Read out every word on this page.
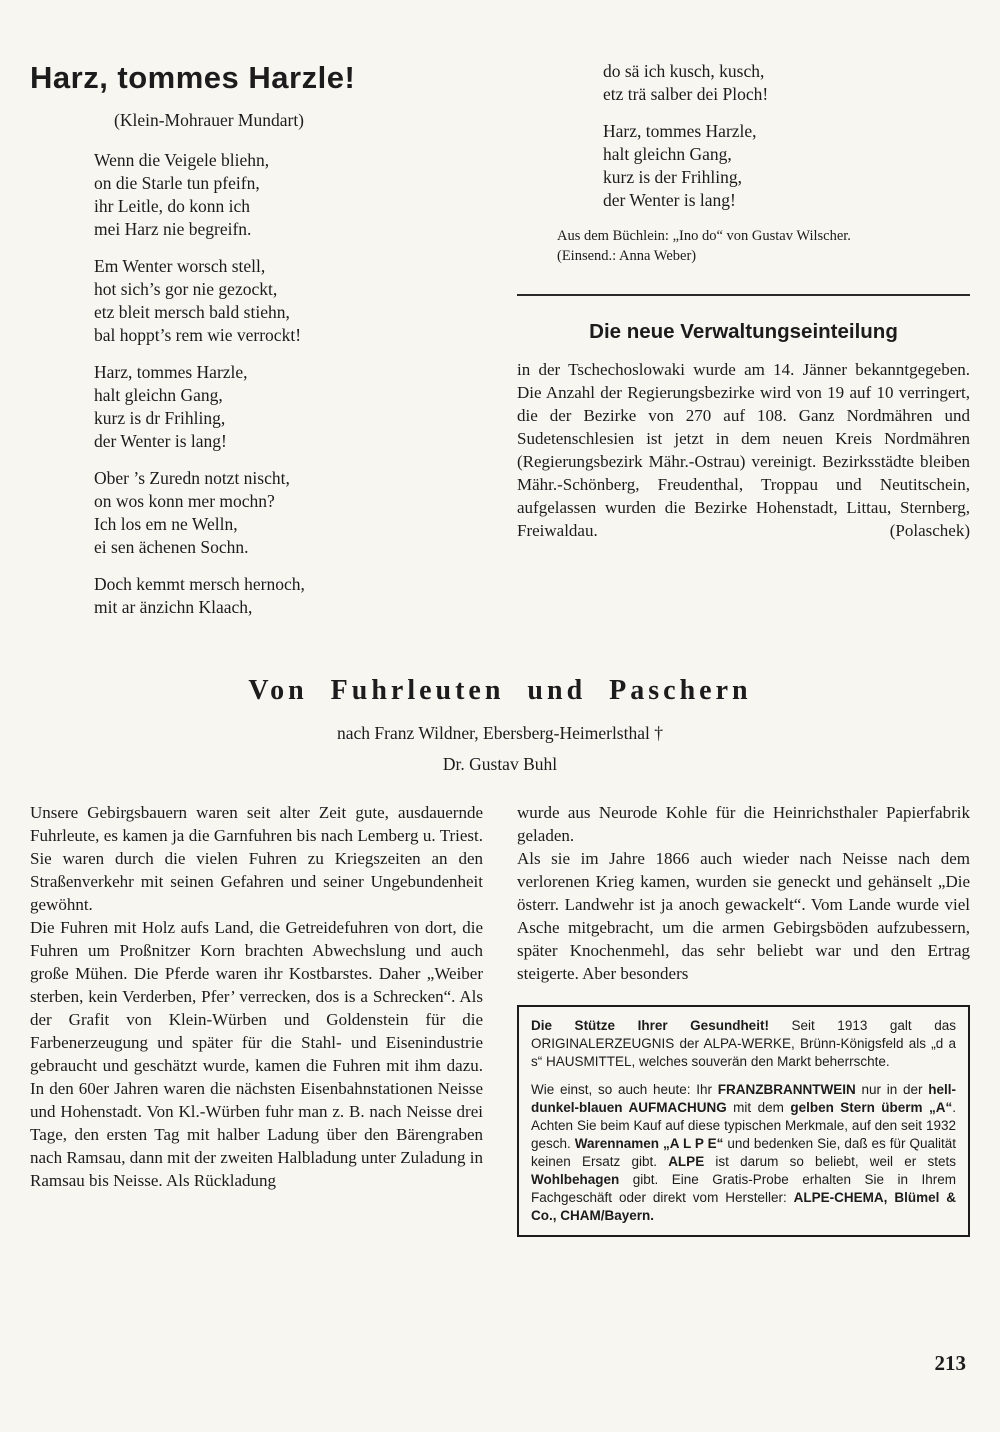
Harz, tommes Harzle!
(Klein-Mohrauer Mundart)
Wenn die Veigele bliehn,
on die Starle tun pfeifn,
ihr Leitle, do konn ich
mei Harz nie begreifn.
Em Wenter worsch stell,
hot sich’s gor nie gezockt,
etz bleit mersch bald stiehn,
bal hoppt’s rem wie verrockt!
Harz, tommes Harzle,
halt gleichn Gang,
kurz is dr Frihling,
der Wenter is lang!
Ober ’s Zuredn notzt nischt,
on wos konn mer mochn?
Ich los em ne Welln,
ei sen ächenen Sochn.
Doch kemmt mersch hernoch,
mit ar änzichn Klaach,
do sä ich kusch, kusch,
etz trä salber dei Ploch!
Harz, tommes Harzle,
halt gleichn Gang,
kurz is der Frihling,
der Wenter is lang!
Aus dem Büchlein: „Ino do“ von Gustav Wilscher.
(Einsend.: Anna Weber)
Die neue Verwaltungseinteilung

in der Tschechoslowaki wurde am 14. Jänner bekanntgegeben. Die Anzahl der Regierungsbezirke wird von 19 auf 10 verringert, die der Bezirke von 270 auf 108. Ganz Nordmähren und Sudetenschlesien ist jetzt in dem neuen Kreis Nordmähren (Regierungsbezirk Mähr.-Ostrau) vereinigt. Bezirksstädte bleiben Mähr.-Schönberg, Freudenthal, Troppau und Neutitschein, aufgelassen wurden die Bezirke Hohenstadt, Littau, Sternberg, Freiwaldau.	(Polaschek)

Von Fuhrleuten und Paschern
nach Franz Wildner, Ebersberg-Heimerlsthal †
Dr. Gustav Buhl

Unsere Gebirgsbauern waren seit alter Zeit gute, ausdauernde Fuhrleute, es kamen ja die Garnfuhren bis nach Lemberg u. Triest. Sie waren durch die vielen Fuhren zu Kriegszeiten an den Straßenverkehr mit seinen Gefahren und seiner Ungebundenheit gewöhnt.

Die Fuhren mit Holz aufs Land, die Getreidefuhren von dort, die Fuhren um Proßnitzer Korn brachten Abwechslung und auch große Mühen. Die Pferde waren ihr Kostbarstes. Daher „Weiber sterben, kein Verderben, Pfer’ verrecken, dos is a Schrecken“. Als der Grafit von Klein-Würben und Goldenstein für die Farbenerzeugung und später für die Stahl- und Eisenindustrie gebraucht und geschätzt wurde, kamen die Fuhren mit ihm dazu. In den 60er Jahren waren die nächsten Eisenbahnstationen Neisse und Hohenstadt. Von Kl.-Würben fuhr man z. B. nach Neisse drei Tage, den ersten Tag mit halber Ladung über den Bärengraben nach Ramsau, dann mit der zweiten Halbladung unter Zuladung in Ramsau bis Neisse. Als Rückladung

wurde aus Neurode Kohle für die Heinrichsthaler Papierfabrik geladen.

Als sie im Jahre 1866 auch wieder nach Neisse nach dem verlorenen Krieg kamen, wurden sie geneckt und gehänselt „Die österr. Landwehr ist ja anoch gewackelt“. Vom Lande wurde viel Asche mitgebracht, um die armen Gebirgsböden aufzubessern, später Knochenmehl, das sehr beliebt war und den Ertrag steigerte. Aber besonders

Die Stütze Ihrer Gesundheit! Seit 1913 galt das ORIGINALERZEUGNIS der ALPA-WERKE, Brünn-Königsfeld als „d a s“ HAUSMITTEL, welches souverän den Markt beherrschte.

Wie einst, so auch heute: Ihr FRANZBRANNTWEIN nur in der hell-dunkel-blauen AUFMACHUNG mit dem gelben Stern überm „A“. Achten Sie beim Kauf auf diese typischen Merkmale, auf den seit 1932 gesch. Warennamen „A L P E“ und bedenken Sie, daß es für Qualität keinen Ersatz gibt. ALPE ist darum so beliebt, weil er stets Wohlbehagen gibt. Eine Gratis-Probe erhalten Sie in Ihrem Fachgeschäft oder direkt vom Hersteller: ALPE-CHEMA, Blümel & Co., CHAM/Bayern.

213
